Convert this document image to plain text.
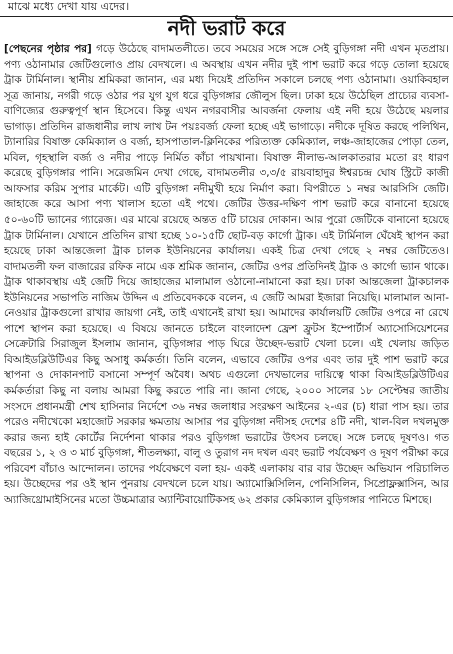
মাঝে মধ্যে দেখা যায় এদের।
নদী ভরাট করে
[পেছনের পৃষ্ঠার পর] গড়ে উঠেছে বাদামতলীতে। তবে সময়ের সঙ্গে সঙ্গে সেই বুড়িগঙ্গা নদী এখন মৃতপ্রায়। পণ্য ওঠানামার জেটিগুলোও প্রায় বেদখলে। এ অবস্থায় এখন নদীর দুই পাশ ভরাট করে গড়ে তোলা হয়েছে ট্রাক টার্মিনাল। স্থানীয় শ্রমিকরা জানান, এর মধ্য দিয়েই প্রতিদিন সকালে চলছে পণ্য ওঠানামা। ওয়াকিবহাল সূত্র জানায়, নগরী গড়ে ওঠার পর যুগ যুগ ধরে বুড়িগঙ্গার জৌলুস ছিল। ঢাকা হয়ে উঠেছিল প্রাচ্যের ব্যবসা-বাণিজ্যের গুরুত্বপূর্ণ স্থান হিসেবে। কিন্তু এখন নগরবাসীর আবর্জনা ফেলায় এই নদী হয়ে উঠেছে ময়লার ভাগাড়। প্রতিদিন রাজধানীর লাখ লাখ টন পয়ঃবর্জ্য ফেলা হচ্ছে এই ভাগাড়ে। নদীকে দূষিত করছে পলিথিন, ট্যানারির বিষাক্ত কেমিক্যাল ও বর্জ্য, হাসপাতাল-ক্লিনিকের পরিত্যক্ত কেমিক্যাল, লঞ্চ-জাহাজের পোড়া তেল, মবিল, গৃহস্থালি বর্জ্য ও নদীর পাড়ে নির্মিত কাঁচা পায়খানা। বিষাক্ত নীলাভ-আলকাতরার মতো রং ধারণ করেছে বুড়িগঙ্গার পানি। সরেজমিন দেখা গেছে, বাদামতলীর ৩,৩/৫ রায়বাহাদুর ঈশ্বরচন্দ্র ঘোষ স্ট্রিটে কাজী আফসার করিম সুপার মার্কেট। এটি বুড়িগঙ্গা নদীমুখী হয়ে নির্মাণ করা। বিপরীতে ১ নম্বর আরসিসি জেটি। জাহাজে করে আসা পণ্য খালাস হতো এই পথে। জেটির উত্তর-দক্ষিণ পাশ ভরাট করে বানানো হয়েছে ৫০-৬০টি ভ্যানের গ্যারেজ। এর মাঝে রয়েছে অন্তত ৫টি চায়ের দোকান। আর পুরো জেটিকে বানানো হয়েছে ট্রাক টার্মিনাল। যেখানে প্রতিদিন রাখা হচ্ছে ১০-১৫টি ছোট-বড় কার্গো ট্রাক। এই টার্মিনাল ঘেঁষেই স্থাপন করা হয়েছে ঢাকা আন্তজেলা ট্রাক চালক ইউনিয়নের কার্যালয়। একই চিত্র দেখা গেছে ২ নম্বর জেটিতেও। বাদামতলী ফল বাজারের রফিক নামে এক শ্রমিক জানান, জেটির ওপর প্রতিদিনই ট্রাক ও কার্গো ভ্যান থাকে। ট্রাক থাকাবস্থায় এই জেটি দিয়ে জাহাজের মালামাল ওঠানো-নামানো করা হয়। ঢাকা আন্তজেলা ট্রাকচালক ইউনিয়নের সভাপতি নাজিম উদ্দিন এ প্রতিবেদককে বলেন, এ জেটি আমরা ইজারা নিয়েছি। মালামাল আনা-নেওয়ার ট্রাকগুলো রাখার জায়গা নেই, তাই এখানেই রাখা হয়। আমাদের কার্যালয়টি জেটির ওপরে না রেখে পাশে স্থাপন করা হয়েছে। এ বিষয়ে জানতে চাইলে বাংলাদেশ ফ্রেশ ফ্রুটস ইম্পোর্টার্স অ্যাসোসিয়েশনের সেক্রেটারি সিরাজুল ইসলাম জানান, বুড়িগঙ্গার পাড় ঘিরে উচ্ছেদ-ভরাট খেলা চলে। এই খেলায় জড়িত বিআইডব্লিউটিএর কিছু অসাধু কর্মকর্তা। তিনি বলেন, এভাবে জেটির ওপর এবং তার দুই পাশ ভরাট করে স্থাপনা ও দোকানপাট বসানো সম্পূর্ণ অবৈধ। অথচ এগুলো দেখভালের দায়িত্বে থাকা বিআইডব্লিউটিএর কর্মকর্তারা কিছু না বলায় আমরা কিছু করতে পারি না। জানা গেছে, ২০০০ সালের ১৮ সেপ্টেম্বর জাতীয় সংসদে প্রধানমন্ত্রী শেখ হাসিনার নির্দেশে ৩৬ নম্বর জলাধার সংরক্ষণ আইনের ২-এর (চ) ধারা পাস হয়। তার পরেও নদীখেকো মহাজোট সরকার ক্ষমতায় আসার পর বুড়িগঙ্গা নদীসহ দেশের ৪টি নদী, খাল-বিল দখলমুক্ত করার জন্য হাই কোর্টের নির্দেশনা থাকার পরও বুড়িগঙ্গা ভরাটের উৎসব চলছে। সঙ্গে চলছে দূষণও। গত বছরের ১, ২ ও ৩ মার্চ বুড়িগঙ্গা, শীতলক্ষ্যা, বালু ও তুরাগ নদ দখল এবং ভরাট পর্যবেক্ষণ ও দূষণ পরীক্ষা করে পরিবেশ বাঁচাও আন্দোলন। তাদের পর্যবেক্ষণে বলা হয়- একই এলাকায় বার বার উচ্ছেদ অভিযান পরিচালিত হয়। উচ্ছেদের পর ওই স্থান পুনরায় বেদখলে চলে যায়। অ্যামোক্সিসিলিন, পেনিসিলিন, সিপ্রোফ্লক্সাসিন, আর অ্যাজিথ্রোমাইসিনের মতো উচ্চমাত্রার অ্যান্টিবায়োটিকসহ ৬২ প্রকার কেমিক্যাল বুড়িগঙ্গার পানিতে মিশছে।
